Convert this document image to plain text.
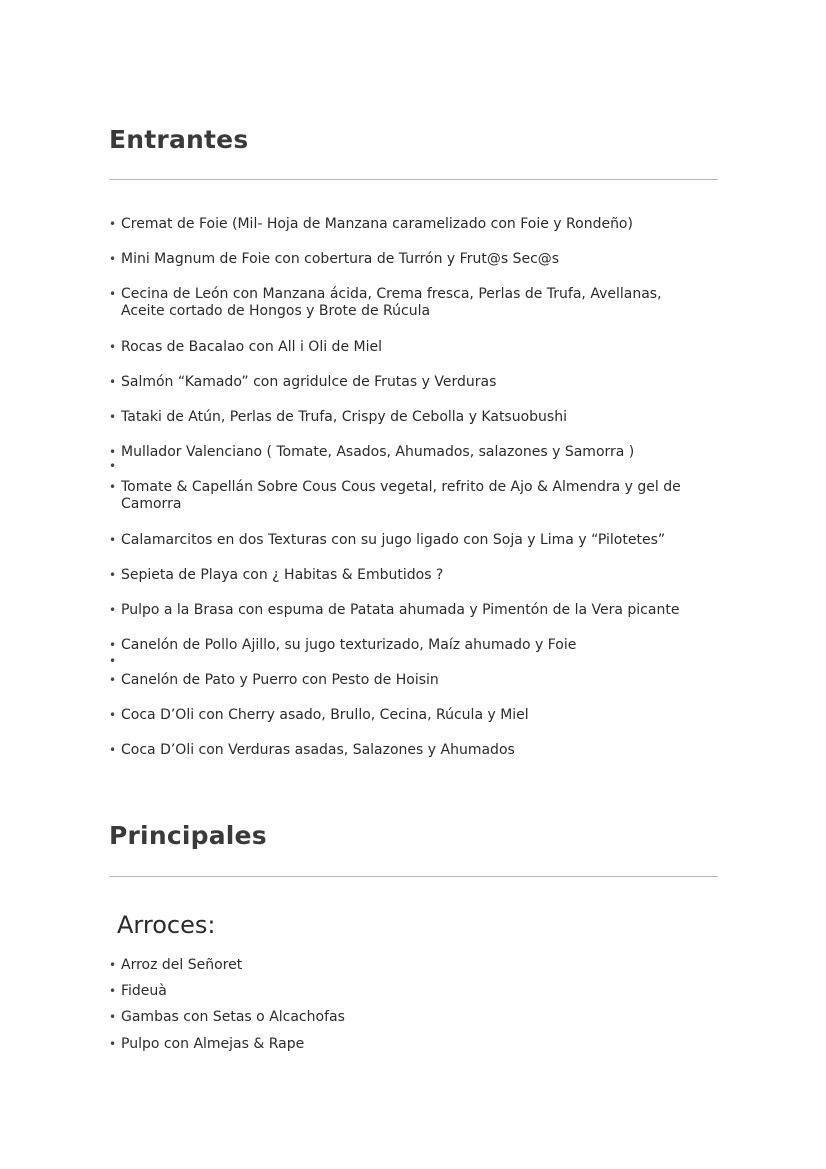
Entrantes
• Cremat de Foie (Mil- Hoja de Manzana caramelizado con Foie y Rondeño)
• Mini Magnum de Foie con cobertura de Turrón y Frut@s Sec@s
• Cecina de León con Manzana ácida, Crema fresca, Perlas de Trufa, Avellanas, Aceite cortado de Hongos y Brote de Rúcula
• Rocas de Bacalao con All i Oli de Miel
• Salmón “Kamado” con agridulce de Frutas y Verduras
• Tataki de Atún, Perlas de Trufa, Crispy de Cebolla y Katsuobushi
• Mullador Valenciano ( Tomate, Asados, Ahumados, salazones y Samorra )
• Tomate & Capellán Sobre Cous Cous vegetal, refrito de Ajo & Almendra y gel de Camorra
• Calamarcitos en dos Texturas con su jugo ligado con Soja y Lima y “Pilotetes”
• Sepieta de Playa con ¿ Habitas & Embutidos ?
• Pulpo a la Brasa con espuma de Patata ahumada y Pimentón de la Vera picante
• Canelón de Pollo Ajillo, su jugo texturizado, Maíz ahumado y Foie
• Canelón de Pato y Puerro con Pesto de Hoisin
• Coca D’Oli con Cherry asado, Brullo, Cecina, Rúcula y Miel
• Coca D’Oli con Verduras asadas, Salazones y Ahumados
•
•
Principales
Arroces:
• Arroz del Señoret
• Fideuà
• Gambas con Setas o Alcachofas
• Pulpo con Almejas & Rape
